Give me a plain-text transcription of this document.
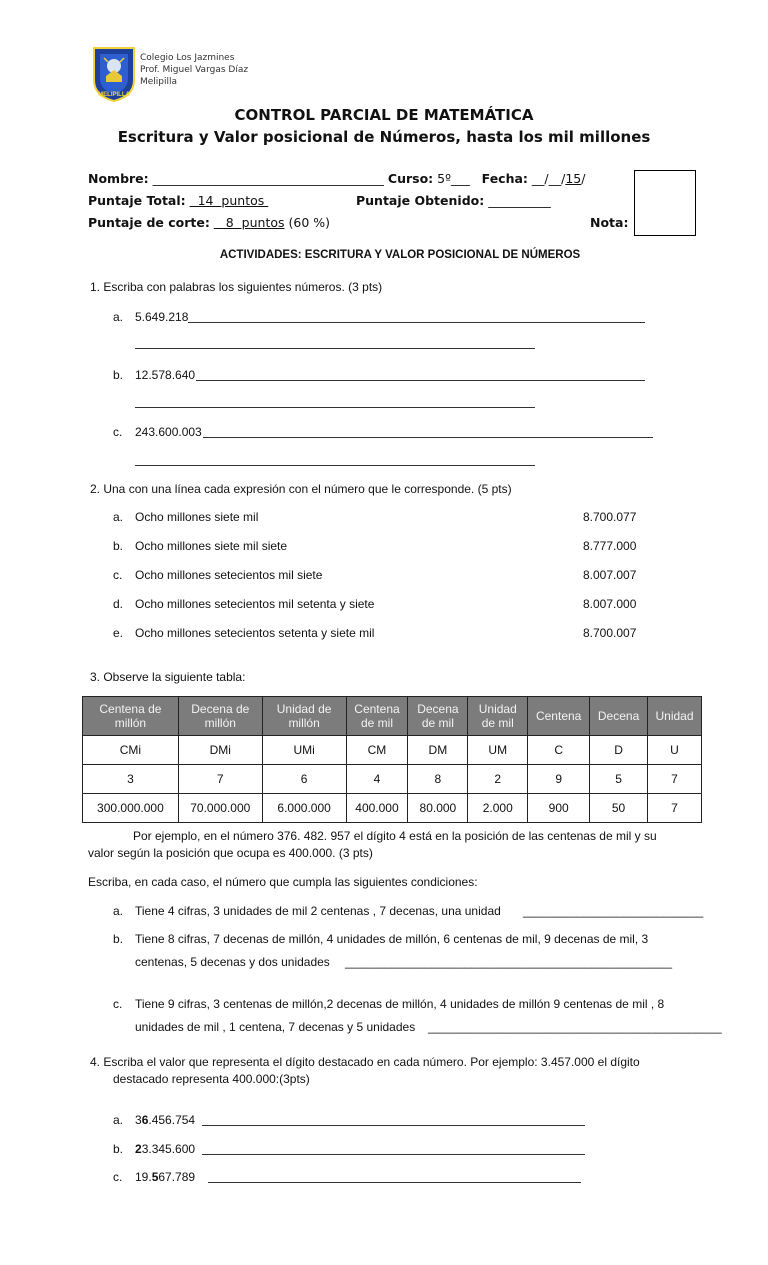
MELIPILLA
Colegio Los Jazmines
Prof. Miguel Vargas Díaz
Melipilla
CONTROL PARCIAL DE MATEMÁTICA
Escritura y Valor posicional de Números, hasta los mil millones
Nombre: _____________________________________ Curso: 5º___ Fecha: __/__/15/
Puntaje Total:   14  puntos	Puntaje Obtenido: __________
Puntaje de corte:    8  puntos (60 %)	Nota:
ACTIVIDADES: ESCRITURA Y VALOR POSICIONAL DE NÚMEROS
1. Escriba con palabras los siguientes números. (3 pts)
a. 5.649.218
b. 12.578.640
c. 243.600.003
2. Una con una línea cada expresión con el número que le corresponde. (5 pts)
a. Ocho millones siete mil	8.700.077
b. Ocho millones siete mil siete	8.777.000
c. Ocho millones setecientos mil siete	8.007.007
d. Ocho millones setecientos mil setenta y siete	8.007.000
e. Ocho millones setecientos setenta y siete mil	8.700.007
3. Observe la siguiente tabla:
Centena de
millón	Decena de
millón	Unidad de
millón	Centena
de mil	Decena
de mil	Unidad
de mil	Centena	Decena	Unidad
CMi	DMi	UMi	CM	DM	UM	C	D	U
3	7	6	4	8	2	9	5	7
300.000.000	70.000.000	6.000.000	400.000	80.000	2.000	900	50	7
Por ejemplo, en el número 376. 482. 957 el dígito 4 está en la posición de las centenas de mil y su
valor según la posición que ocupa es 400.000. (3 pts)
Escriba, en cada caso, el número que cumpla las siguientes condiciones:
a. Tiene 4 cifras, 3 unidades de mil 2 centenas , 7 decenas, una unidad ___________________________
b. Tiene 8 cifras, 7 decenas de millón, 4 unidades de millón, 6 centenas de mil, 9 decenas de mil, 3
centenas, 5 decenas y dos unidades _________________________________________________
c. Tiene 9 cifras, 3 centenas de millón,2 decenas de millón, 4 unidades de millón 9 centenas de mil , 8
unidades de mil , 1 centena, 7 decenas y 5 unidades ____________________________________________
4. Escriba el valor que representa el dígito destacado en cada número. Por ejemplo: 3.457.000 el dígito
destacado representa 400.000:(3pts)
a. 36.456.754
b. 23.345.600
c. 19.567.789
